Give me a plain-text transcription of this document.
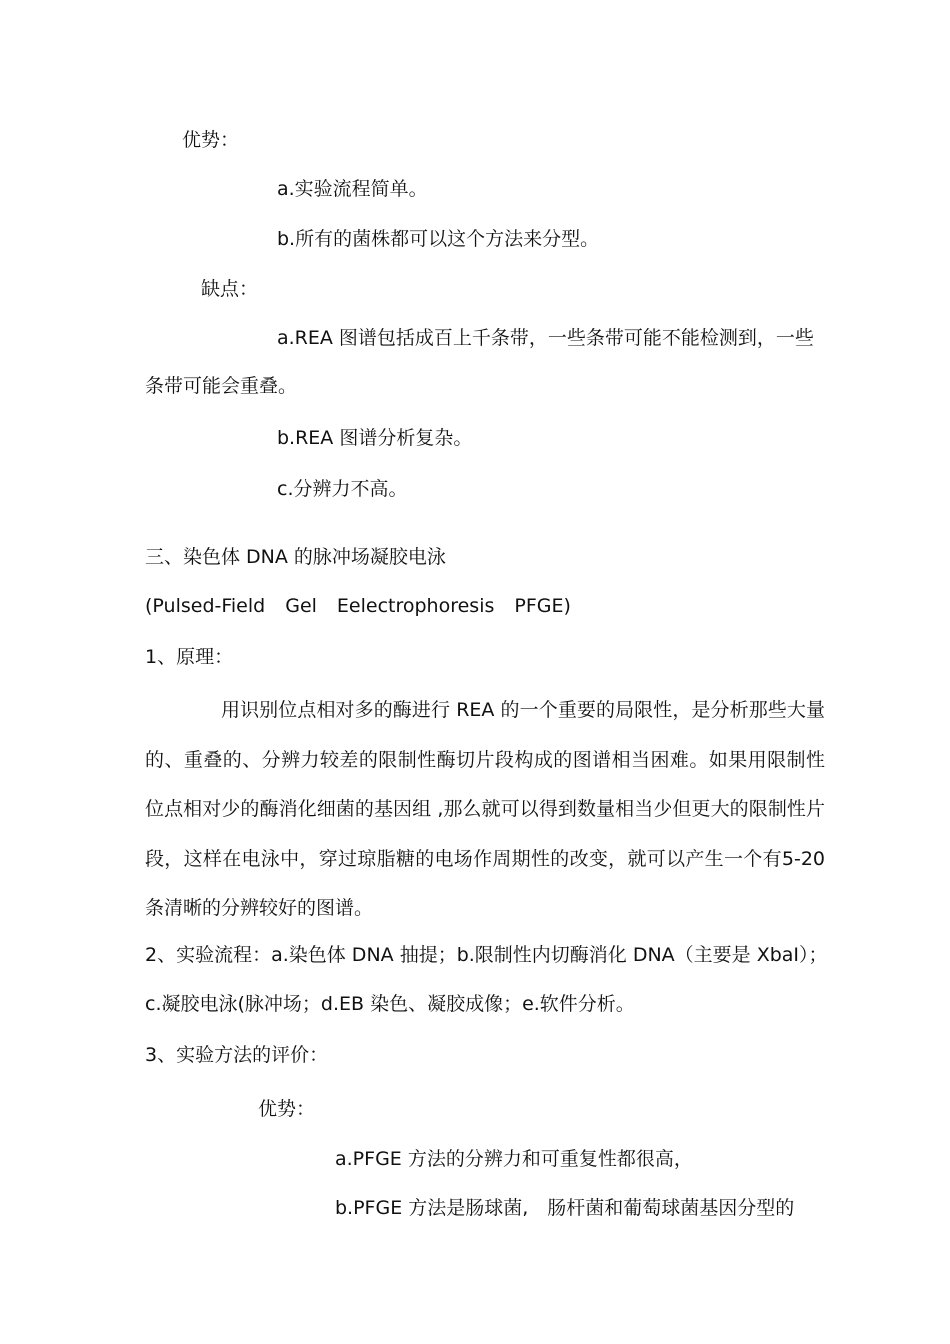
优势：
a.实验流程简单。
b.所有的菌株都可以这个方法来分型。
缺点：
a.REA 图谱包括成百上千条带，一些条带可能不能检测到，一些
条带可能会重叠。
b.REA 图谱分析复杂。
c.分辨力不高。
三、染色体 DNA 的脉冲场凝胶电泳
(Pulsed-Field Gel Eelectrophoresis PFGE)
1、原理：
用识别位点相对多的酶进行 REA 的一个重要的局限性，是分析那些大量的、重叠的、分辨力较差的限制性酶切片段构成的图谱相当困难。如果用限制性位点相对少的酶消化细菌的基因组 ,那么就可以得到数量相当少但更大的限制性片段，这样在电泳中，穿过琼脂糖的电场作周期性的改变，就可以产生一个有5-20 条清晰的分辨较好的图谱。
2、实验流程：a.染色体 DNA 抽提；b.限制性内切酶消化 DNA（主要是 XbaI）；
c.凝胶电泳(脉冲场；d.EB 染色、凝胶成像；e.软件分析。
3、实验方法的评价：
优势：
a.PFGE 方法的分辨力和可重复性都很高，
b.PFGE 方法是肠球菌,　肠杆菌和葡萄球菌基因分型的
